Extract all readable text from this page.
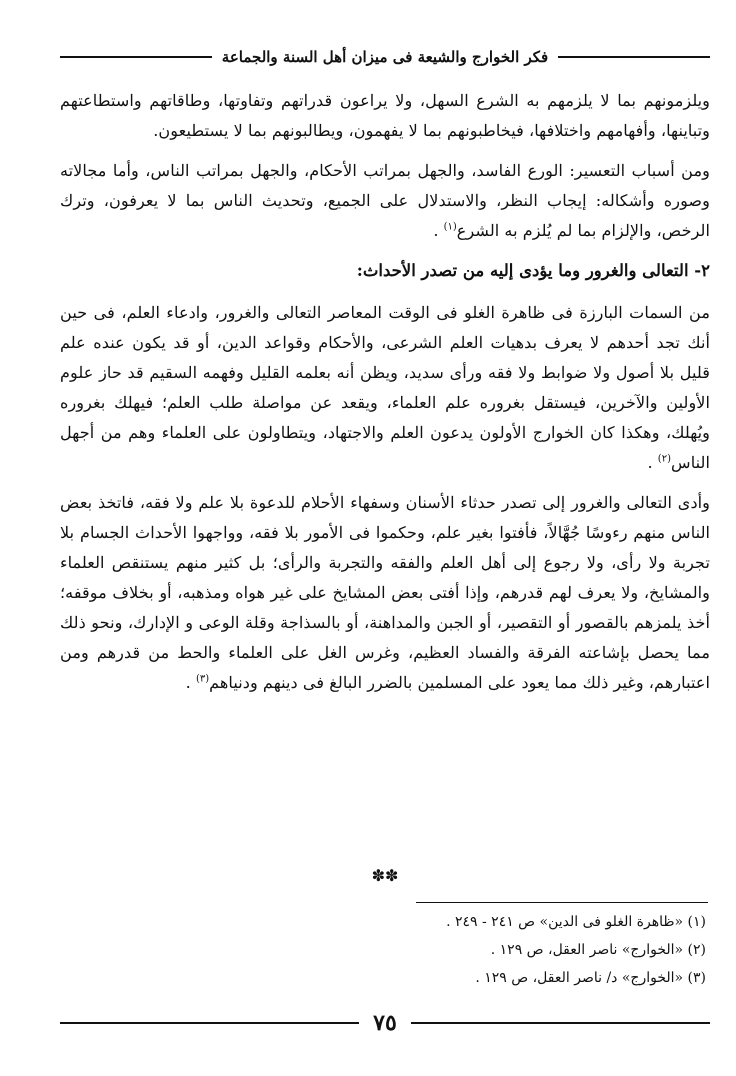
فكر الخوارج والشيعة فى ميزان أهل السنة والجماعة

ويلزمونهم بما لا يلزمهم به الشرع السهل، ولا يراعون قدراتهم وتفاوتها، وطاقاتهم واستطاعتهم وتباينها، وأفهامهم واختلافها، فيخاطبونهم بما لا يفهمون، ويطالبونهم بما لا يستطيعون.

ومن أسباب التعسير: الورع الفاسد، والجهل بمراتب الأحكام، والجهل بمراتب الناس، وأما مجالاته وصوره وأشكاله: إيجاب النظر، والاستدلال على الجميع، وتحديث الناس بما لا يعرفون، وترك الرخص، والإلزام بما لم يُلزم به الشرع$^{(١)}$ .

٢- التعالى والغرور وما يؤدى إليه من تصدر الأحداث:

من السمات البارزة فى ظاهرة الغلو فى الوقت المعاصر التعالى والغرور، وادعاء العلم، فى حين أنك تجد أحدهم لا يعرف بدهيات العلم الشرعى، والأحكام وقواعد الدين، أو قد يكون عنده علم قليل بلا أصول ولا ضوابط ولا فقه ورأى سديد، ويظن أنه بعلمه القليل وفهمه السقيم قد حاز علوم الأولين والآخرين، فيستقل بغروره علم العلماء، ويقعد عن مواصلة طلب العلم؛ فيهلك بغروره ويُهلك، وهكذا كان الخوارج الأولون يدعون العلم والاجتهاد، ويتطاولون على العلماء وهم من أجهل الناس$^{(٢)}$ .

وأدى التعالى والغرور إلى تصدر حدثاء الأسنان وسفهاء الأحلام للدعوة بلا علم ولا فقه، فاتخذ بعض الناس منهم رءوسًا جُهَّالاً، فأفتوا بغير علم، وحكموا فى الأمور بلا فقه، وواجهوا الأحداث الجسام بلا تجربة ولا رأى، ولا رجوع إلى أهل العلم والفقه والتجربة والرأى؛ بل كثير منهم يستنقص العلماء والمشايخ، ولا يعرف لهم قدرهم، وإذا أفتى بعض المشايخ على غير هواه ومذهبه، أو بخلاف موقفه؛ أخذ يلمزهم بالقصور أو التقصير، أو الجبن والمداهنة، أو بالسذاجة وقلة الوعى و الإدارك، ونحو ذلك مما يحصل بإشاعته الفرقة والفساد العظيم، وغرس الغل على العلماء والحط من قدرهم ومن اعتبارهم، وغير ذلك مما يعود على المسلمين بالضرر البالغ فى دينهم ودنياهم$^{(٣)}$ .

✽✽
(١) «ظاهرة الغلو فى الدين» ص ٢٤١ - ٢٤٩ .
(٢) «الخوارج» ناصر العقل، ص ١٢٩ .
(٣) «الخوارج» د/ ناصر العقل، ص ١٢٩ .
٧٥
